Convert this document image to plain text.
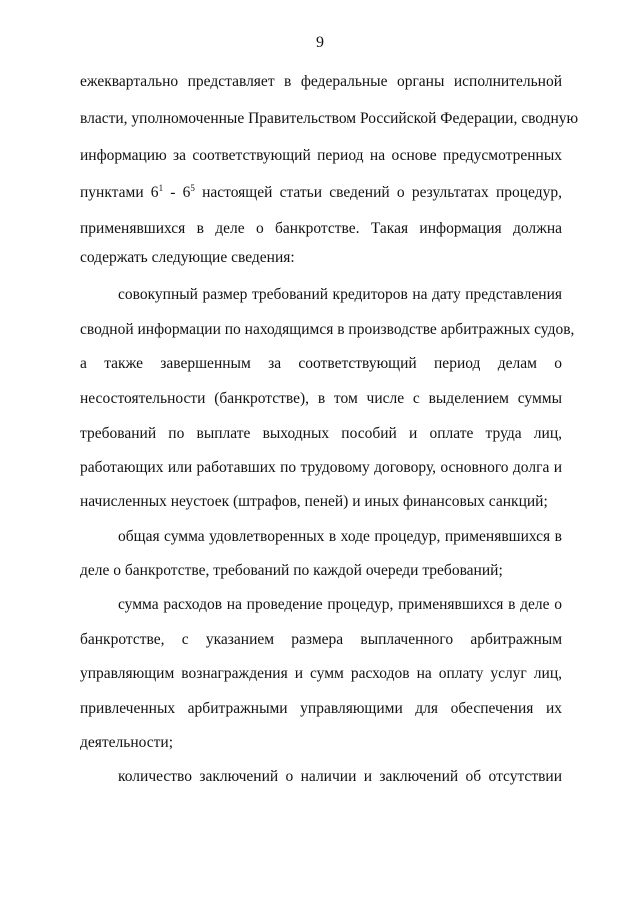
9
ежеквартально представляет в федеральные органы исполнительной
власти, уполномоченные Правительством Российской Федерации, сводную
информацию за соответствующий период на основе предусмотренных
пунктами $6^1 - 6^5$ настоящей статьи сведений о результатах процедур,
применявшихся в деле о банкротстве. Такая информация должна
содержать следующие сведения:
совокупный размер требований кредиторов на дату представления
сводной информации по находящимся в производстве арбитражных судов,
а также завершенным за соответствующий период делам о
несостоятельности (банкротстве), в том числе с выделением суммы
требований по выплате выходных пособий и оплате труда лиц,
работающих или работавших по трудовому договору, основного долга и
начисленных неустоек (штрафов, пеней) и иных финансовых санкций;
общая сумма удовлетворенных в ходе процедур, применявшихся в
деле о банкротстве, требований по каждой очереди требований;
сумма расходов на проведение процедур, применявшихся в деле о
банкротстве, с указанием размера выплаченного арбитражным
управляющим вознаграждения и сумм расходов на оплату услуг лиц,
привлеченных арбитражными управляющими для обеспечения их
деятельности;
количество заключений о наличии и заключений об отсутствии
